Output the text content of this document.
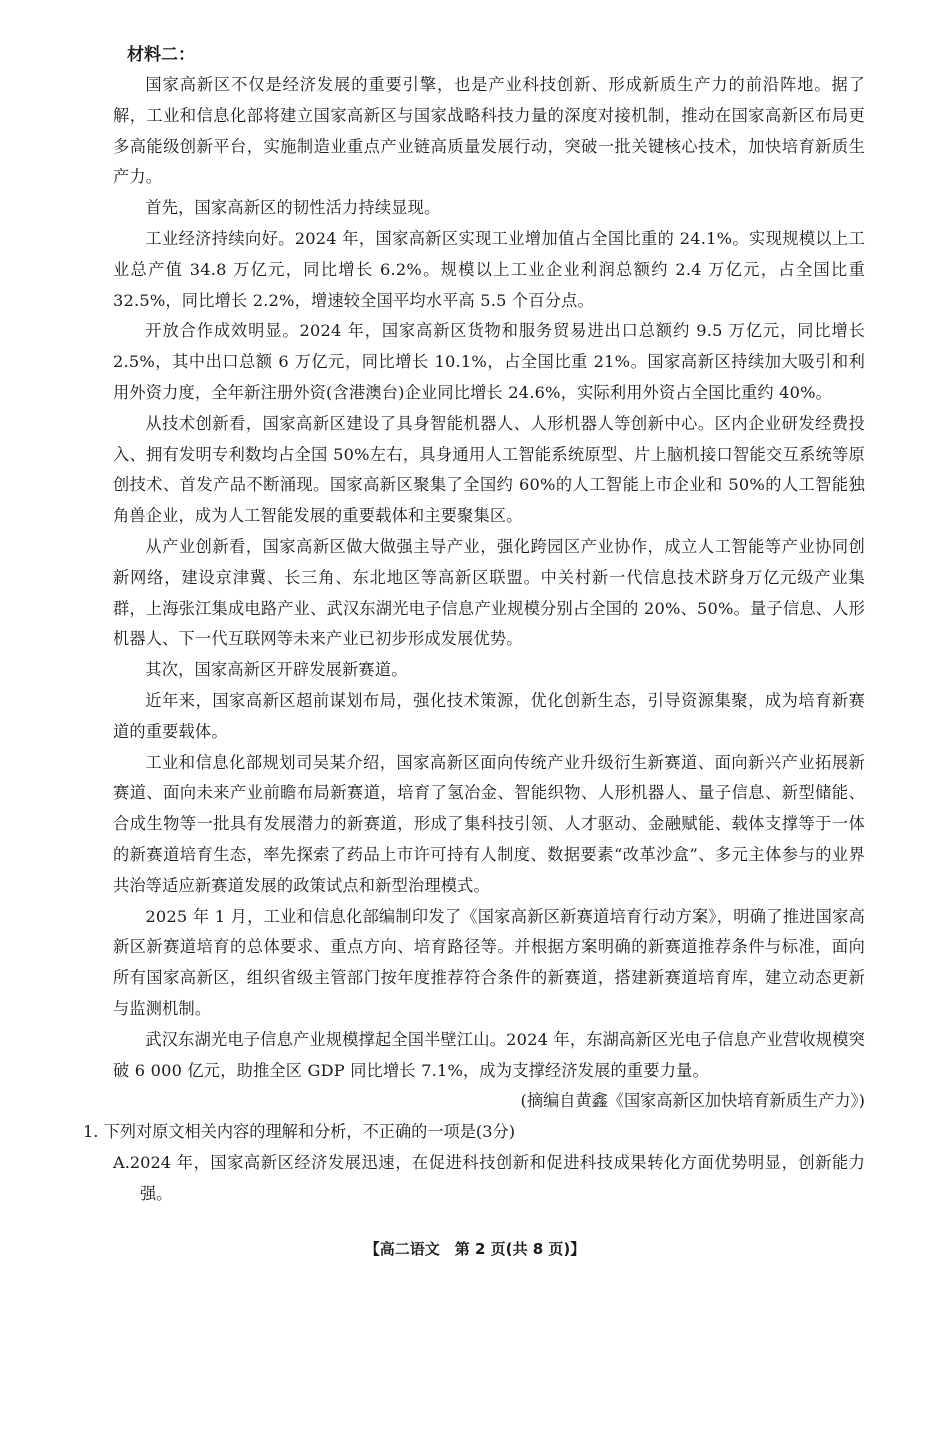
材料二：

国家高新区不仅是经济发展的重要引擎，也是产业科技创新、形成新质生产力的前沿阵地。据了解，工业和信息化部将建立国家高新区与国家战略科技力量的深度对接机制，推动在国家高新区布局更多高能级创新平台，实施制造业重点产业链高质量发展行动，突破一批关键核心技术，加快培育新质生产力。

首先，国家高新区的韧性活力持续显现。

工业经济持续向好。2024 年，国家高新区实现工业增加值占全国比重的 24.1%。实现规模以上工业总产值 34.8 万亿元，同比增长 6.2%。规模以上工业企业利润总额约 2.4 万亿元，占全国比重 32.5%，同比增长 2.2%，增速较全国平均水平高 5.5 个百分点。

开放合作成效明显。2024 年，国家高新区货物和服务贸易进出口总额约 9.5 万亿元，同比增长 2.5%，其中出口总额 6 万亿元，同比增长 10.1%，占全国比重 21%。国家高新区持续加大吸引和利用外资力度，全年新注册外资(含港澳台)企业同比增长 24.6%，实际利用外资占全国比重约 40%。

从技术创新看，国家高新区建设了具身智能机器人、人形机器人等创新中心。区内企业研发经费投入、拥有发明专利数均占全国 50%左右，具身通用人工智能系统原型、片上脑机接口智能交互系统等原创技术、首发产品不断涌现。国家高新区聚集了全国约 60%的人工智能上市企业和 50%的人工智能独角兽企业，成为人工智能发展的重要载体和主要聚集区。

从产业创新看，国家高新区做大做强主导产业，强化跨园区产业协作，成立人工智能等产业协同创新网络，建设京津冀、长三角、东北地区等高新区联盟。中关村新一代信息技术跻身万亿元级产业集群，上海张江集成电路产业、武汉东湖光电子信息产业规模分别占全国的 20%、50%。量子信息、人形机器人、下一代互联网等未来产业已初步形成发展优势。

其次，国家高新区开辟发展新赛道。

近年来，国家高新区超前谋划布局，强化技术策源，优化创新生态，引导资源集聚，成为培育新赛道的重要载体。

工业和信息化部规划司吴某介绍，国家高新区面向传统产业升级衍生新赛道、面向新兴产业拓展新赛道、面向未来产业前瞻布局新赛道，培育了氢冶金、智能织物、人形机器人、量子信息、新型储能、合成生物等一批具有发展潜力的新赛道，形成了集科技引领、人才驱动、金融赋能、载体支撑等于一体的新赛道培育生态，率先探索了药品上市许可持有人制度、数据要素“改革沙盒”、多元主体参与的业界共治等适应新赛道发展的政策试点和新型治理模式。

2025 年 1 月，工业和信息化部编制印发了《国家高新区新赛道培育行动方案》，明确了推进国家高新区新赛道培育的总体要求、重点方向、培育路径等。并根据方案明确的新赛道推荐条件与标准，面向所有国家高新区，组织省级主管部门按年度推荐符合条件的新赛道，搭建新赛道培育库，建立动态更新与监测机制。

武汉东湖光电子信息产业规模撑起全国半壁江山。2024 年，东湖高新区光电子信息产业营收规模突破 6 000 亿元，助推全区 GDP 同比增长 7.1%，成为支撑经济发展的重要力量。

(摘编自黄鑫《国家高新区加快培育新质生产力》)

1. 下列对原文相关内容的理解和分析，不正确的一项是(3分)

A.2024 年，国家高新区经济发展迅速，在促进科技创新和促进科技成果转化方面优势明显，创新能力强。

【高二语文　第 2 页(共 8 页)】
